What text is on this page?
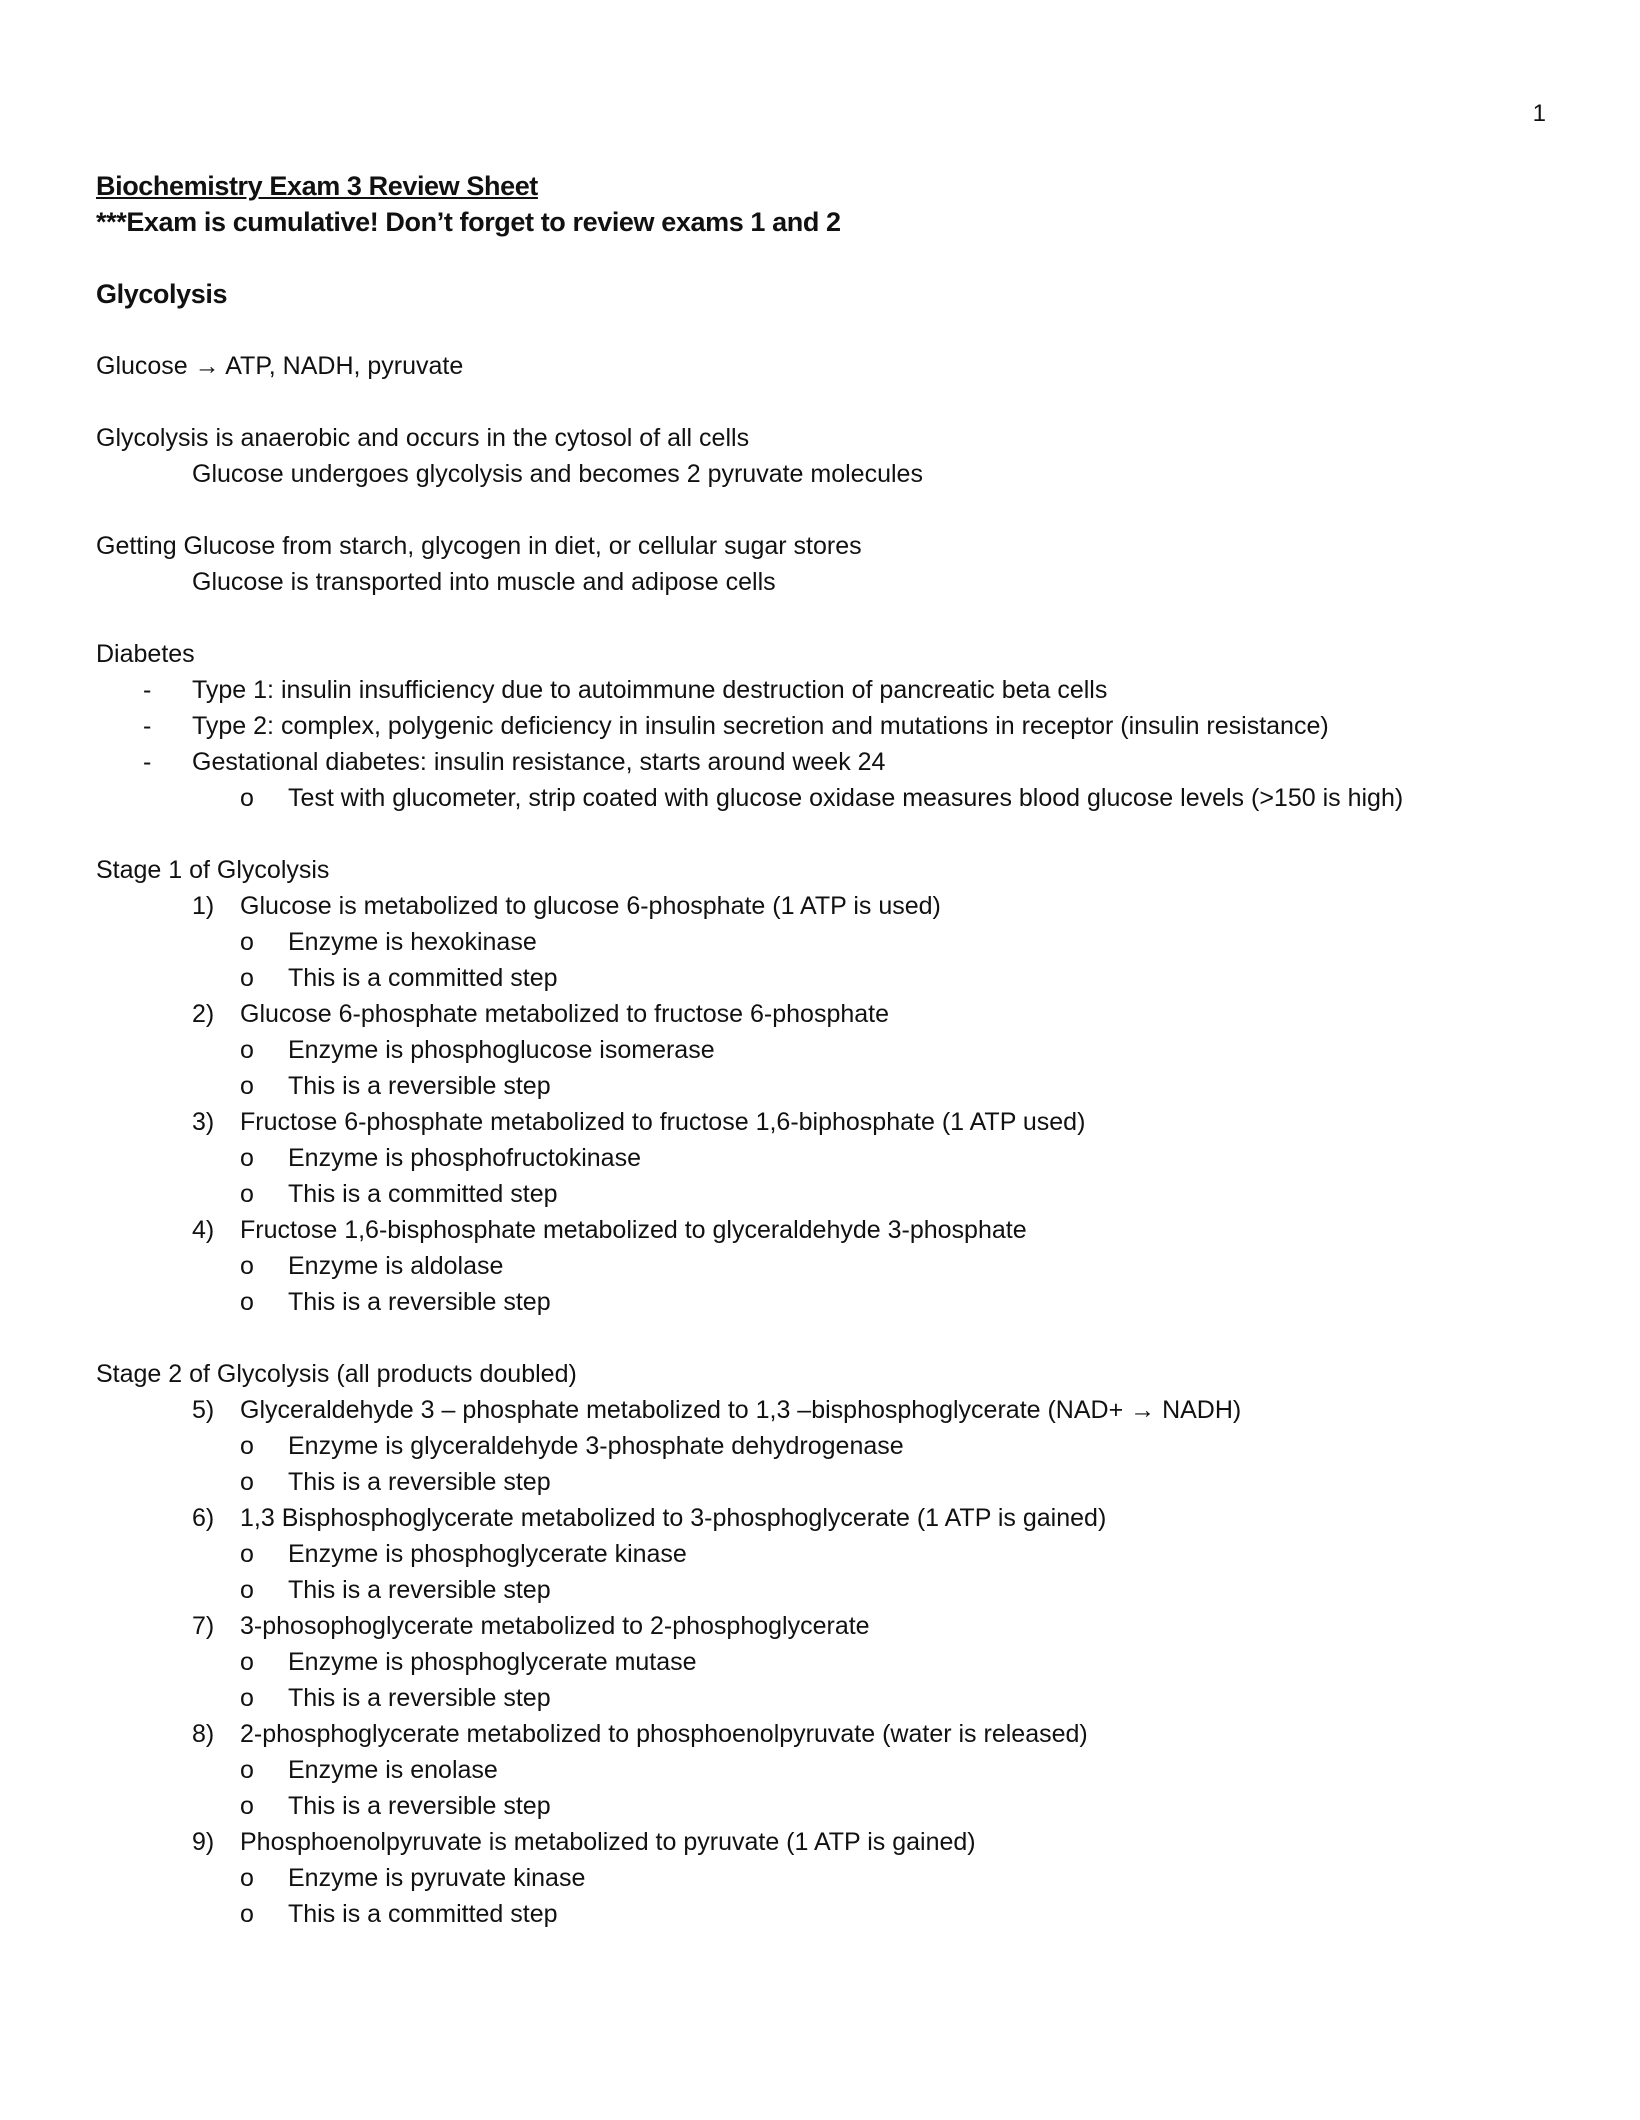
1
Biochemistry Exam 3 Review Sheet
***Exam is cumulative! Don’t forget to review exams 1 and 2
Glycolysis
Glucose → ATP, NADH, pyruvate
Glycolysis is anaerobic and occurs in the cytosol of all cells
Glucose undergoes glycolysis and becomes 2 pyruvate molecules
Getting Glucose from starch, glycogen in diet, or cellular sugar stores
Glucose is transported into muscle and adipose cells
Diabetes
- Type 1: insulin insufficiency due to autoimmune destruction of pancreatic beta cells
- Type 2: complex, polygenic deficiency in insulin secretion and mutations in receptor (insulin resistance)
- Gestational diabetes: insulin resistance, starts around week 24
o Test with glucometer, strip coated with glucose oxidase measures blood glucose levels (>150 is high)
Stage 1 of Glycolysis
1) Glucose is metabolized to glucose 6-phosphate (1 ATP is used)
o Enzyme is hexokinase
o This is a committed step
2) Glucose 6-phosphate metabolized to fructose 6-phosphate
o Enzyme is phosphoglucose isomerase
o This is a reversible step
3) Fructose 6-phosphate metabolized to fructose 1,6-biphosphate (1 ATP used)
o Enzyme is phosphofructokinase
o This is a committed step
4) Fructose 1,6-bisphosphate metabolized to glyceraldehyde 3-phosphate
o Enzyme is aldolase
o This is a reversible step
Stage 2 of Glycolysis (all products doubled)
5) Glyceraldehyde 3 – phosphate metabolized to 1,3 –bisphosphoglycerate (NAD+ → NADH)
o Enzyme is glyceraldehyde 3-phosphate dehydrogenase
o This is a reversible step
6) 1,3 Bisphosphoglycerate metabolized to 3-phosphoglycerate (1 ATP is gained)
o Enzyme is phosphoglycerate kinase
o This is a reversible step
7) 3-phosophoglycerate metabolized to 2-phosphoglycerate
o Enzyme is phosphoglycerate mutase
o This is a reversible step
8) 2-phosphoglycerate metabolized to phosphoenolpyruvate (water is released)
o Enzyme is enolase
o This is a reversible step
9) Phosphoenolpyruvate is metabolized to pyruvate (1 ATP is gained)
o Enzyme is pyruvate kinase
o This is a committed step
